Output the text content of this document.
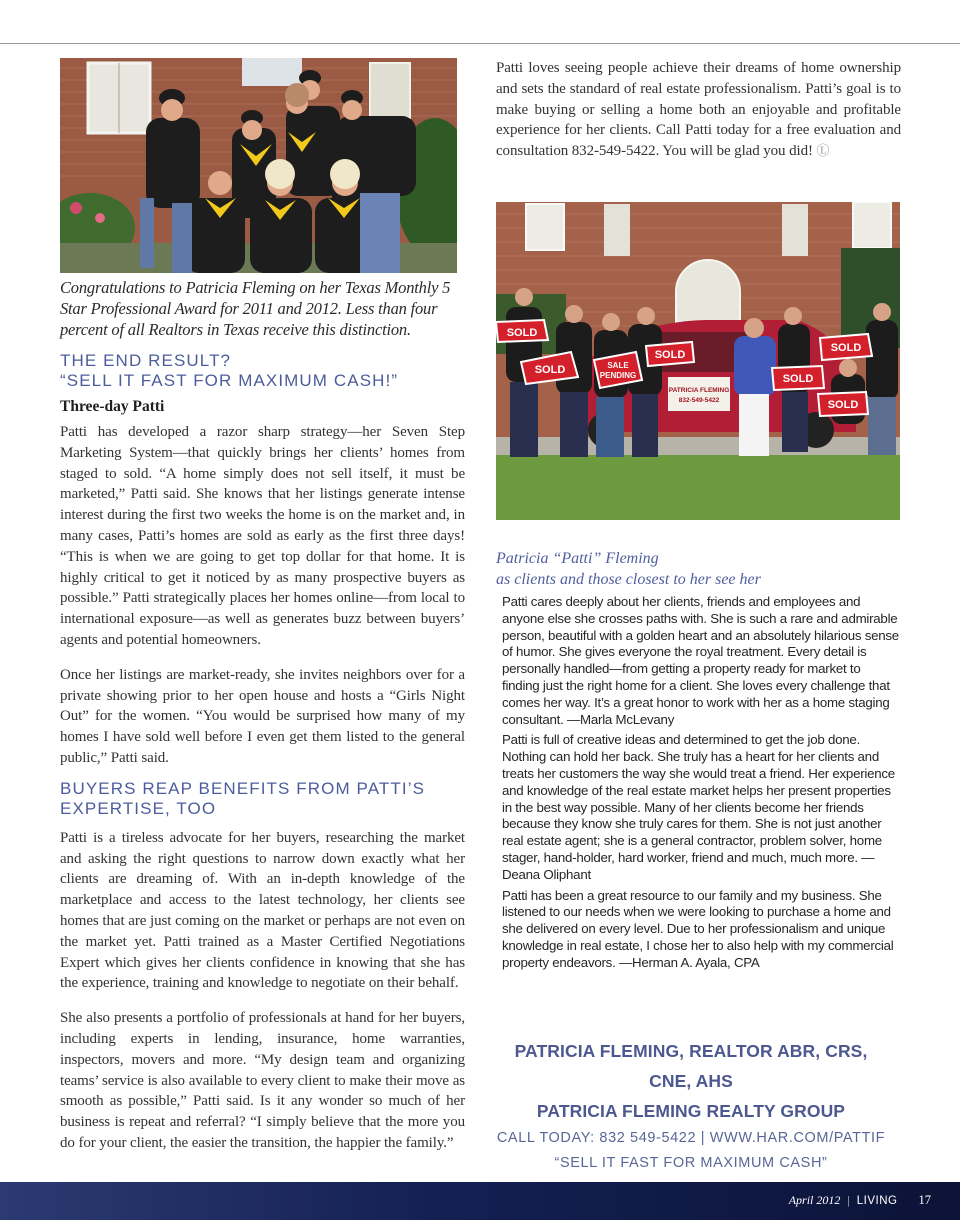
Congratulations to Patricia Fleming on her Texas Monthly 5 Star Professional Award for 2011 and 2012. Less than four percent of all Realtors in Texas receive this distinction.

THE END RESULT?
“SELL IT FAST FOR MAXIMUM CASH!”

Three-day Patti

Patti has developed a razor sharp strategy—her Seven Step Marketing System—that quickly brings her clients’ homes from staged to sold. “A home simply does not sell itself, it must be marketed,” Patti said. She knows that her listings generate intense interest during the first two weeks the home is on the market and, in many cases, Patti’s homes are sold as early as the first three days! “This is when we are going to get top dollar for that home. It is highly critical to get it noticed by as many prospective buyers as possible.” Patti strategically places her homes online—from local to international exposure—as well as generates buzz between buyers’ agents and potential homeowners.

Once her listings are market-ready, she invites neighbors over for a private showing prior to her open house and hosts a “Girls Night Out” for the women. “You would be surprised how many of my homes I have sold well before I even get them listed to the general public,” Patti said.

BUYERS REAP BENEFITS FROM PATTI’S
EXPERTISE, TOO

Patti is a tireless advocate for her buyers, researching the market and asking the right questions to narrow down exactly what her clients are dreaming of. With an in-depth knowledge of the marketplace and access to the latest technology, her clients see homes that are just coming on the market or perhaps are not even on the market yet. Patti trained as a Master Certified Negotiations Expert which gives her clients confidence in knowing that she has the experience, training and knowledge to negotiate on their behalf.

She also presents a portfolio of professionals at hand for her buyers, including experts in lending, insurance, home warranties, inspectors, movers and more. “My design team and organizing teams’ service is also available to every client to make their move as smooth as possible,” Patti said. Is it any wonder so much of her business is repeat and referral? “I simply believe that the more you do for your client, the easier the transition, the happier the family.”

Patti loves seeing people achieve their dreams of home ownership and sets the standard of real estate professionalism. Patti’s goal is to make buying or selling a home both an enjoyable and profitable experience for her clients. Call Patti today for a free evaluation and consultation 832-549-5422. You will be glad you did! Ⓛ

PATRICIA FLEMING
832-549-5422
SOLD
SOLD	SALE
PENDING
SOLD
SOLD
SOLD
SOLD

Patricia “Patti” Fleming
as clients and those closest to her see her

Patti cares deeply about her clients, friends and employees and anyone else she crosses paths with. She is such a rare and admirable person, beautiful with a golden heart and an absolutely hilarious sense of humor. She gives everyone the royal treatment. Every detail is personally handled—from getting a property ready for market to finding just the right home for a client. She loves every challenge that comes her way. It’s a great honor to work with her as a home staging consultant. —Marla McLevany

Patti is full of creative ideas and determined to get the job done. Nothing can hold her back. She truly has a heart for her clients and treats her customers the way she would treat a friend. Her experience and knowledge of the real estate market helps her present properties in the best way possible. Many of her clients become her friends because they know she truly cares for them. She is not just another real estate agent; she is a general contractor, problem solver, home stager, hand-holder, hard worker, friend and much, much more. —Deana Oliphant

Patti has been a great resource to our family and my business. She listened to our needs when we were looking to purchase a home and she delivered on every level. Due to her professionalism and unique knowledge in real estate, I chose her to also help with my commercial property endeavors. —Herman A. Ayala, CPA

PATRICIA FLEMING, REALTOR ABR, CRS, CNE, AHS
PATRICIA FLEMING REALTY GROUP
CALL TODAY: 832 549-5422 | WWW.HAR.COM/PATTIF
“SELL IT FAST FOR MAXIMUM CASH”
April 2012 | LIVING 17
